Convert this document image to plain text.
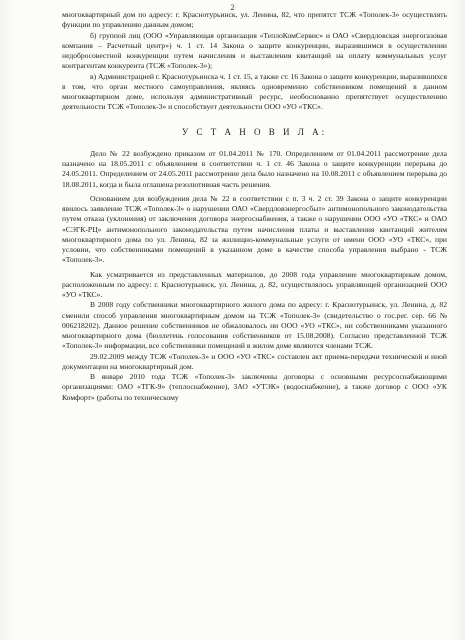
2

многоквартирный дом по адресу: г. Краснотурьинск, ул. Ленина, 82, что препятст ТСЖ «Тополек-3» осуществлять функции по управлению данным домом;

б) группой лиц (ООО «Управляющая организация «ТеплоКомСервис» и ОАО «Свердловская энергогазовая компания – Расчетный центр») ч. 1 ст. 14 Закона о защите конкуренции, выразившимся в осуществлении недобросовестной конкуренции путем начисления и выставления квитанций на оплату коммунальных услуг контрагентам конкурента (ТСЖ «Тополек-3»);

в) Администрацией г. Краснотурьинска ч. 1 ст. 15, а также ст. 16 Закона о защите конкуренции, выразившихся в том, что орган местного самоуправления, являясь одновременно собственником помещений в данном многоквартирном доме, используя административный ресурс, необоснованно препятствует осуществлению деятельности ТСЖ «Тополек-3» и способствует деятельности ООО «УО «ТКС».

У С Т А Н О В И Л А:

Дело № 22 возбуждено приказом от 01.04.2011 № 170. Определением от 01.04.2011 рассмотрение дела назначено на 18.05.2011 с объявлением в соответствии ч. 1 ст. 46 Закона о защите конкуренции перерыва до 24.05.2011. Определением от 24.05.2011 рассмотрение дела было назначено на 10.08.2011 с объявлением перерыва до 18.08.2011, когда и была оглашена резолютивная часть решения.

Основанием для возбуждения дела № 22 в соответствии с п. 3 ч. 2 ст. 39 Закона о защите конкуренции явилось заявление ТСЖ «Тополек-3» о нарушении ОАО «Свердловэнергосбыт» антимонопольного законодательства путем отказа (уклонения) от заключения договора энергоснабжения, а также о нарушении ООО «УО «ТКС» и ОАО «СЭГК-РЦ» антимонопольного законодательства путем начисления платы и выставления квитанций жителям многоквартирного дома по ул. Ленина, 82 за жилищно-коммунальные услуги от имени ООО «УО «ТКС», при условии, что собственниками помещений в указанном доме в качестве способа управления выбрано - ТСЖ «Тополек-3».

Как усматривается из представленных материалов, до 2008 года управление многоквартирным домом, расположенным по адресу: г. Краснотурьинск, ул. Ленина, д. 82, осуществлялось управляющей организацией ООО «УО «ТКС».

В 2008 году собственники многоквартирного жилого дома по адресу: г. Краснотурьинск, ул. Ленина, д. 82 сменили способ управления многоквартирным домом на ТСЖ «Тополек-3» (свидетельство о гос.рег. сер. 66 № 006218202). Данное решение собственников не обжаловалось ни ООО «УО «ТКС», ни собственниками указанного многоквартирного дома (бюллетень голосования собственников от 15.08.2008). Согласно представленной ТСЖ «Тополек-3» информации, все собственники помещений в жилом доме являются членами ТСЖ.

29.02.2009 между ТСЖ «Тополек-3» и ООО «УО «ТКС» составлен акт приема-передачи технической и иной документации на многоквартирный дом.

В январе 2010 года ТСЖ «Тополек-3» заключены договоры с основными ресурсоснабжающими организациями: ОАО «ТГК-9» (теплоснабжение), ЗАО «УТЭК» (водоснабжение), а также договор с ООО «УК Комфорт» (работы по техническому
